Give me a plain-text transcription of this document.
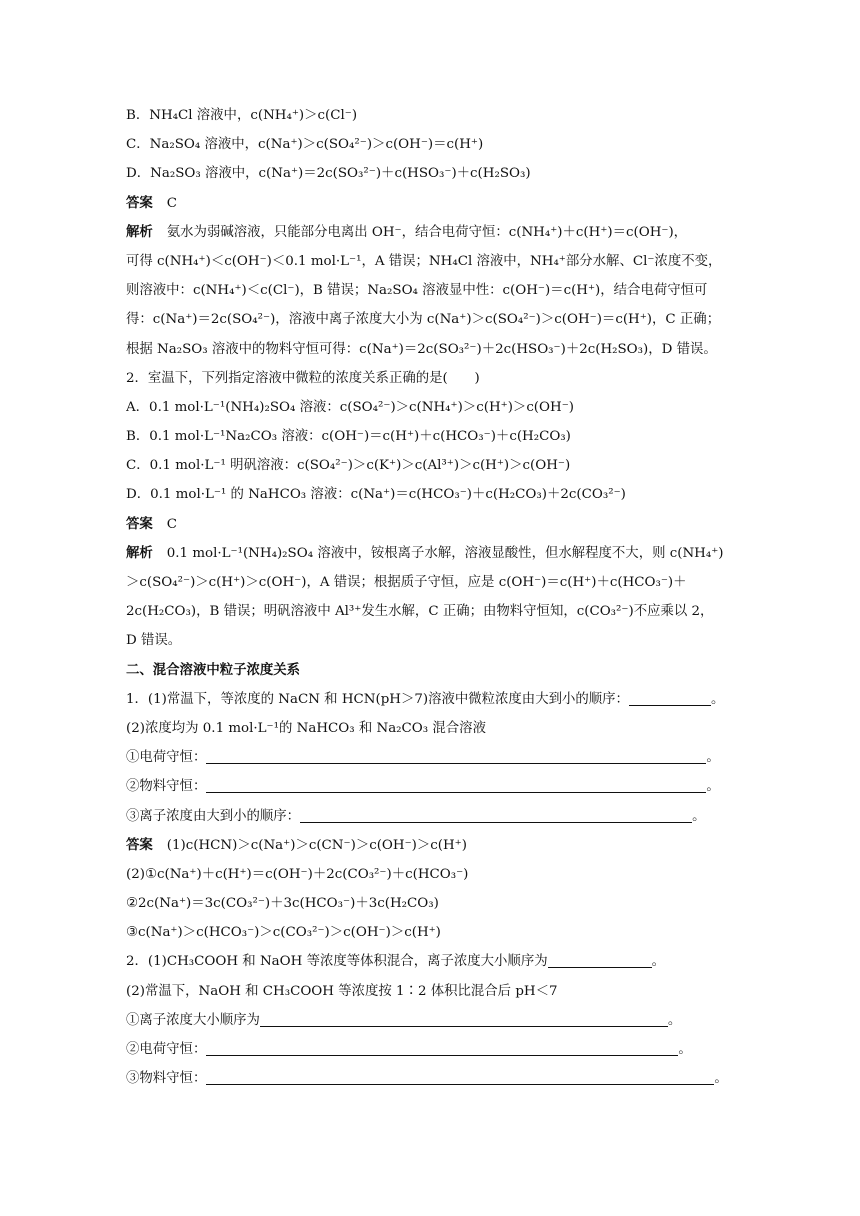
B．NH₄Cl 溶液中，c(NH₄⁺)＞c(Cl⁻)
C．Na₂SO₄ 溶液中，c(Na⁺)＞c(SO₄²⁻)＞c(OH⁻)＝c(H⁺)
D．Na₂SO₃ 溶液中，c(Na⁺)＝2c(SO₃²⁻)＋c(HSO₃⁻)＋c(H₂SO₃)
答案 C
解析 氨水为弱碱溶液，只能部分电离出 OH⁻，结合电荷守恒：c(NH₄⁺)＋c(H⁺)＝c(OH⁻)，
可得 c(NH₄⁺)＜c(OH⁻)＜0.1 mol·L⁻¹，A 错误；NH₄Cl 溶液中，NH₄⁺部分水解、Cl⁻浓度不变，
则溶液中：c(NH₄⁺)＜c(Cl⁻)，B 错误；Na₂SO₄ 溶液显中性：c(OH⁻)＝c(H⁺)，结合电荷守恒可
得：c(Na⁺)＝2c(SO₄²⁻)，溶液中离子浓度大小为 c(Na⁺)＞c(SO₄²⁻)＞c(OH⁻)＝c(H⁺)，C 正确；
根据 Na₂SO₃ 溶液中的物料守恒可得：c(Na⁺)＝2c(SO₃²⁻)＋2c(HSO₃⁻)＋2c(H₂SO₃)，D 错误。
2．室温下，下列指定溶液中微粒的浓度关系正确的是(　　)
A．0.1 mol·L⁻¹(NH₄)₂SO₄ 溶液：c(SO₄²⁻)＞c(NH₄⁺)＞c(H⁺)＞c(OH⁻)
B．0.1 mol·L⁻¹Na₂CO₃ 溶液：c(OH⁻)＝c(H⁺)＋c(HCO₃⁻)＋c(H₂CO₃)
C．0.1 mol·L⁻¹ 明矾溶液：c(SO₄²⁻)＞c(K⁺)＞c(Al³⁺)＞c(H⁺)＞c(OH⁻)
D．0.1 mol·L⁻¹ 的 NaHCO₃ 溶液：c(Na⁺)＝c(HCO₃⁻)＋c(H₂CO₃)＋2c(CO₃²⁻)
答案 C
解析 0.1 mol·L⁻¹(NH₄)₂SO₄ 溶液中，铵根离子水解，溶液显酸性，但水解程度不大，则 c(NH₄⁺)
＞c(SO₄²⁻)＞c(H⁺)＞c(OH⁻)，A 错误；根据质子守恒，应是 c(OH⁻)＝c(H⁺)＋c(HCO₃⁻)＋
2c(H₂CO₃)，B 错误；明矾溶液中 Al³⁺发生水解，C 正确；由物料守恒知，c(CO₃²⁻)不应乘以 2，
D 错误。
二、混合溶液中粒子浓度关系
1．(1)常温下，等浓度的 NaCN 和 HCN(pH＞7)溶液中微粒浓度由大到小的顺序：	。
(2)浓度均为 0.1 mol·L⁻¹的 NaHCO₃ 和 Na₂CO₃ 混合溶液
①电荷守恒：	。
②物料守恒：	。
③离子浓度由大到小的顺序：	。
答案 (1)c(HCN)＞c(Na⁺)＞c(CN⁻)＞c(OH⁻)＞c(H⁺)
(2)①c(Na⁺)＋c(H⁺)＝c(OH⁻)＋2c(CO₃²⁻)＋c(HCO₃⁻)
②2c(Na⁺)＝3c(CO₃²⁻)＋3c(HCO₃⁻)＋3c(H₂CO₃)
③c(Na⁺)＞c(HCO₃⁻)＞c(CO₃²⁻)＞c(OH⁻)＞c(H⁺)
2．(1)CH₃COOH 和 NaOH 等浓度等体积混合，离子浓度大小顺序为	。
(2)常温下，NaOH 和 CH₃COOH 等浓度按 1∶2 体积比混合后 pH＜7
①离子浓度大小顺序为	。
②电荷守恒：	。
③物料守恒：	。
